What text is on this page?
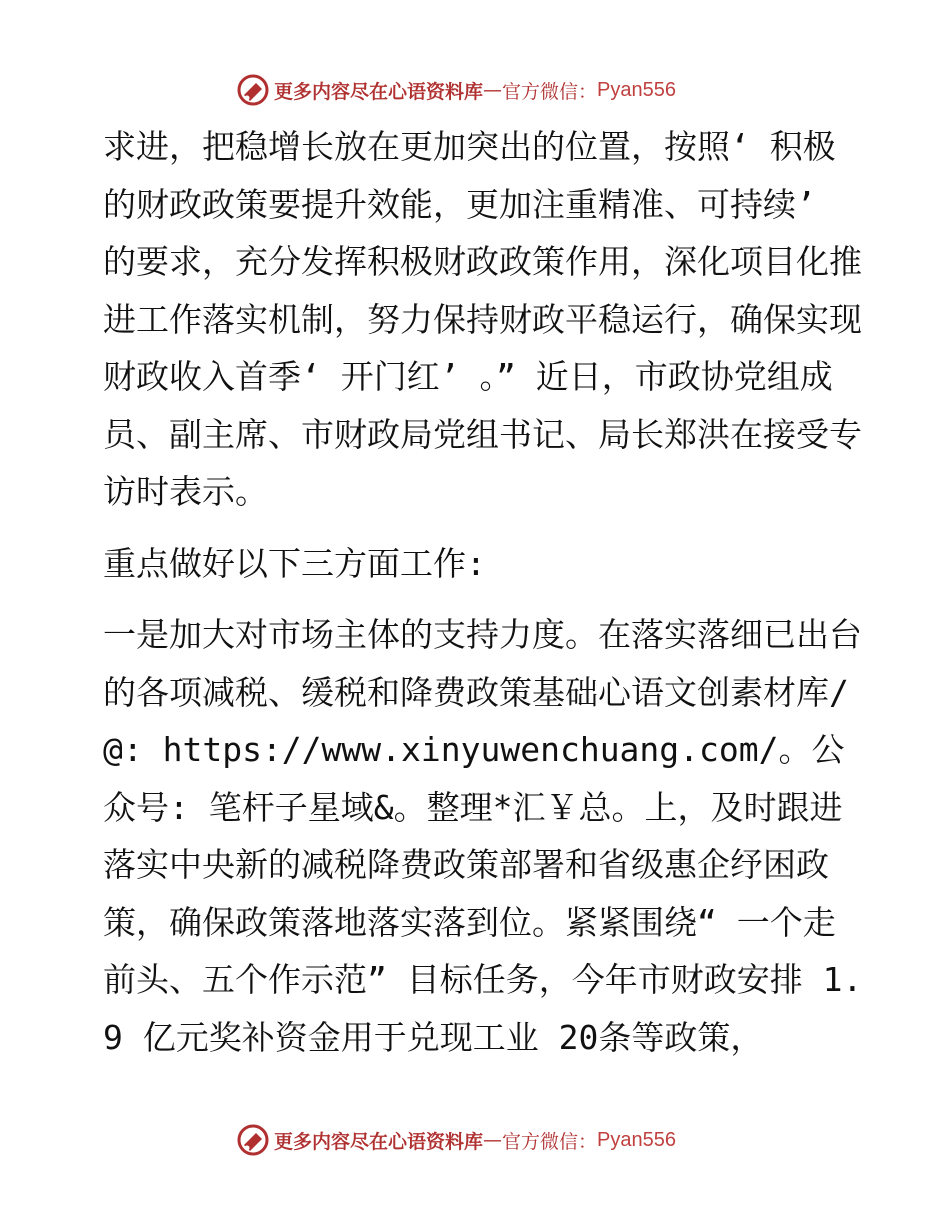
更多内容尽在心语资料库 — 官方微信： Pyan556

求进，把稳增长放在更加突出的位置，按照‘ 积极的财政政策要提升效能，更加注重精准、可持续’ 的要求，充分发挥积极财政政策作用，深化项目化推进工作落实机制，努力保持财政平稳运行，确保实现财政收入首季‘ 开门红’ 。” 近日，市政协党组成员、副主席、市财政局党组书记、局长郑洪在接受专访时表示。

重点做好以下三方面工作:

一是加大对市场主体的支持力度。在落实落细已出台的各项减税、缓税和降费政策基础心语文创素材库/@: https://www.xinyuwenchuang.com/。公众号: 笔杆子星域&。整理*汇￥总。上，及时跟进落实中央新的减税降费政策部署和省级惠企纾困政策，确保政策落地落实落到位。紧紧围绕“ 一个走前头、五个作示范” 目标任务，今年市财政安排 1.9 亿元奖补资金用于兑现工业 20条等政策，

更多内容尽在心语资料库 — 官方微信： Pyan556
